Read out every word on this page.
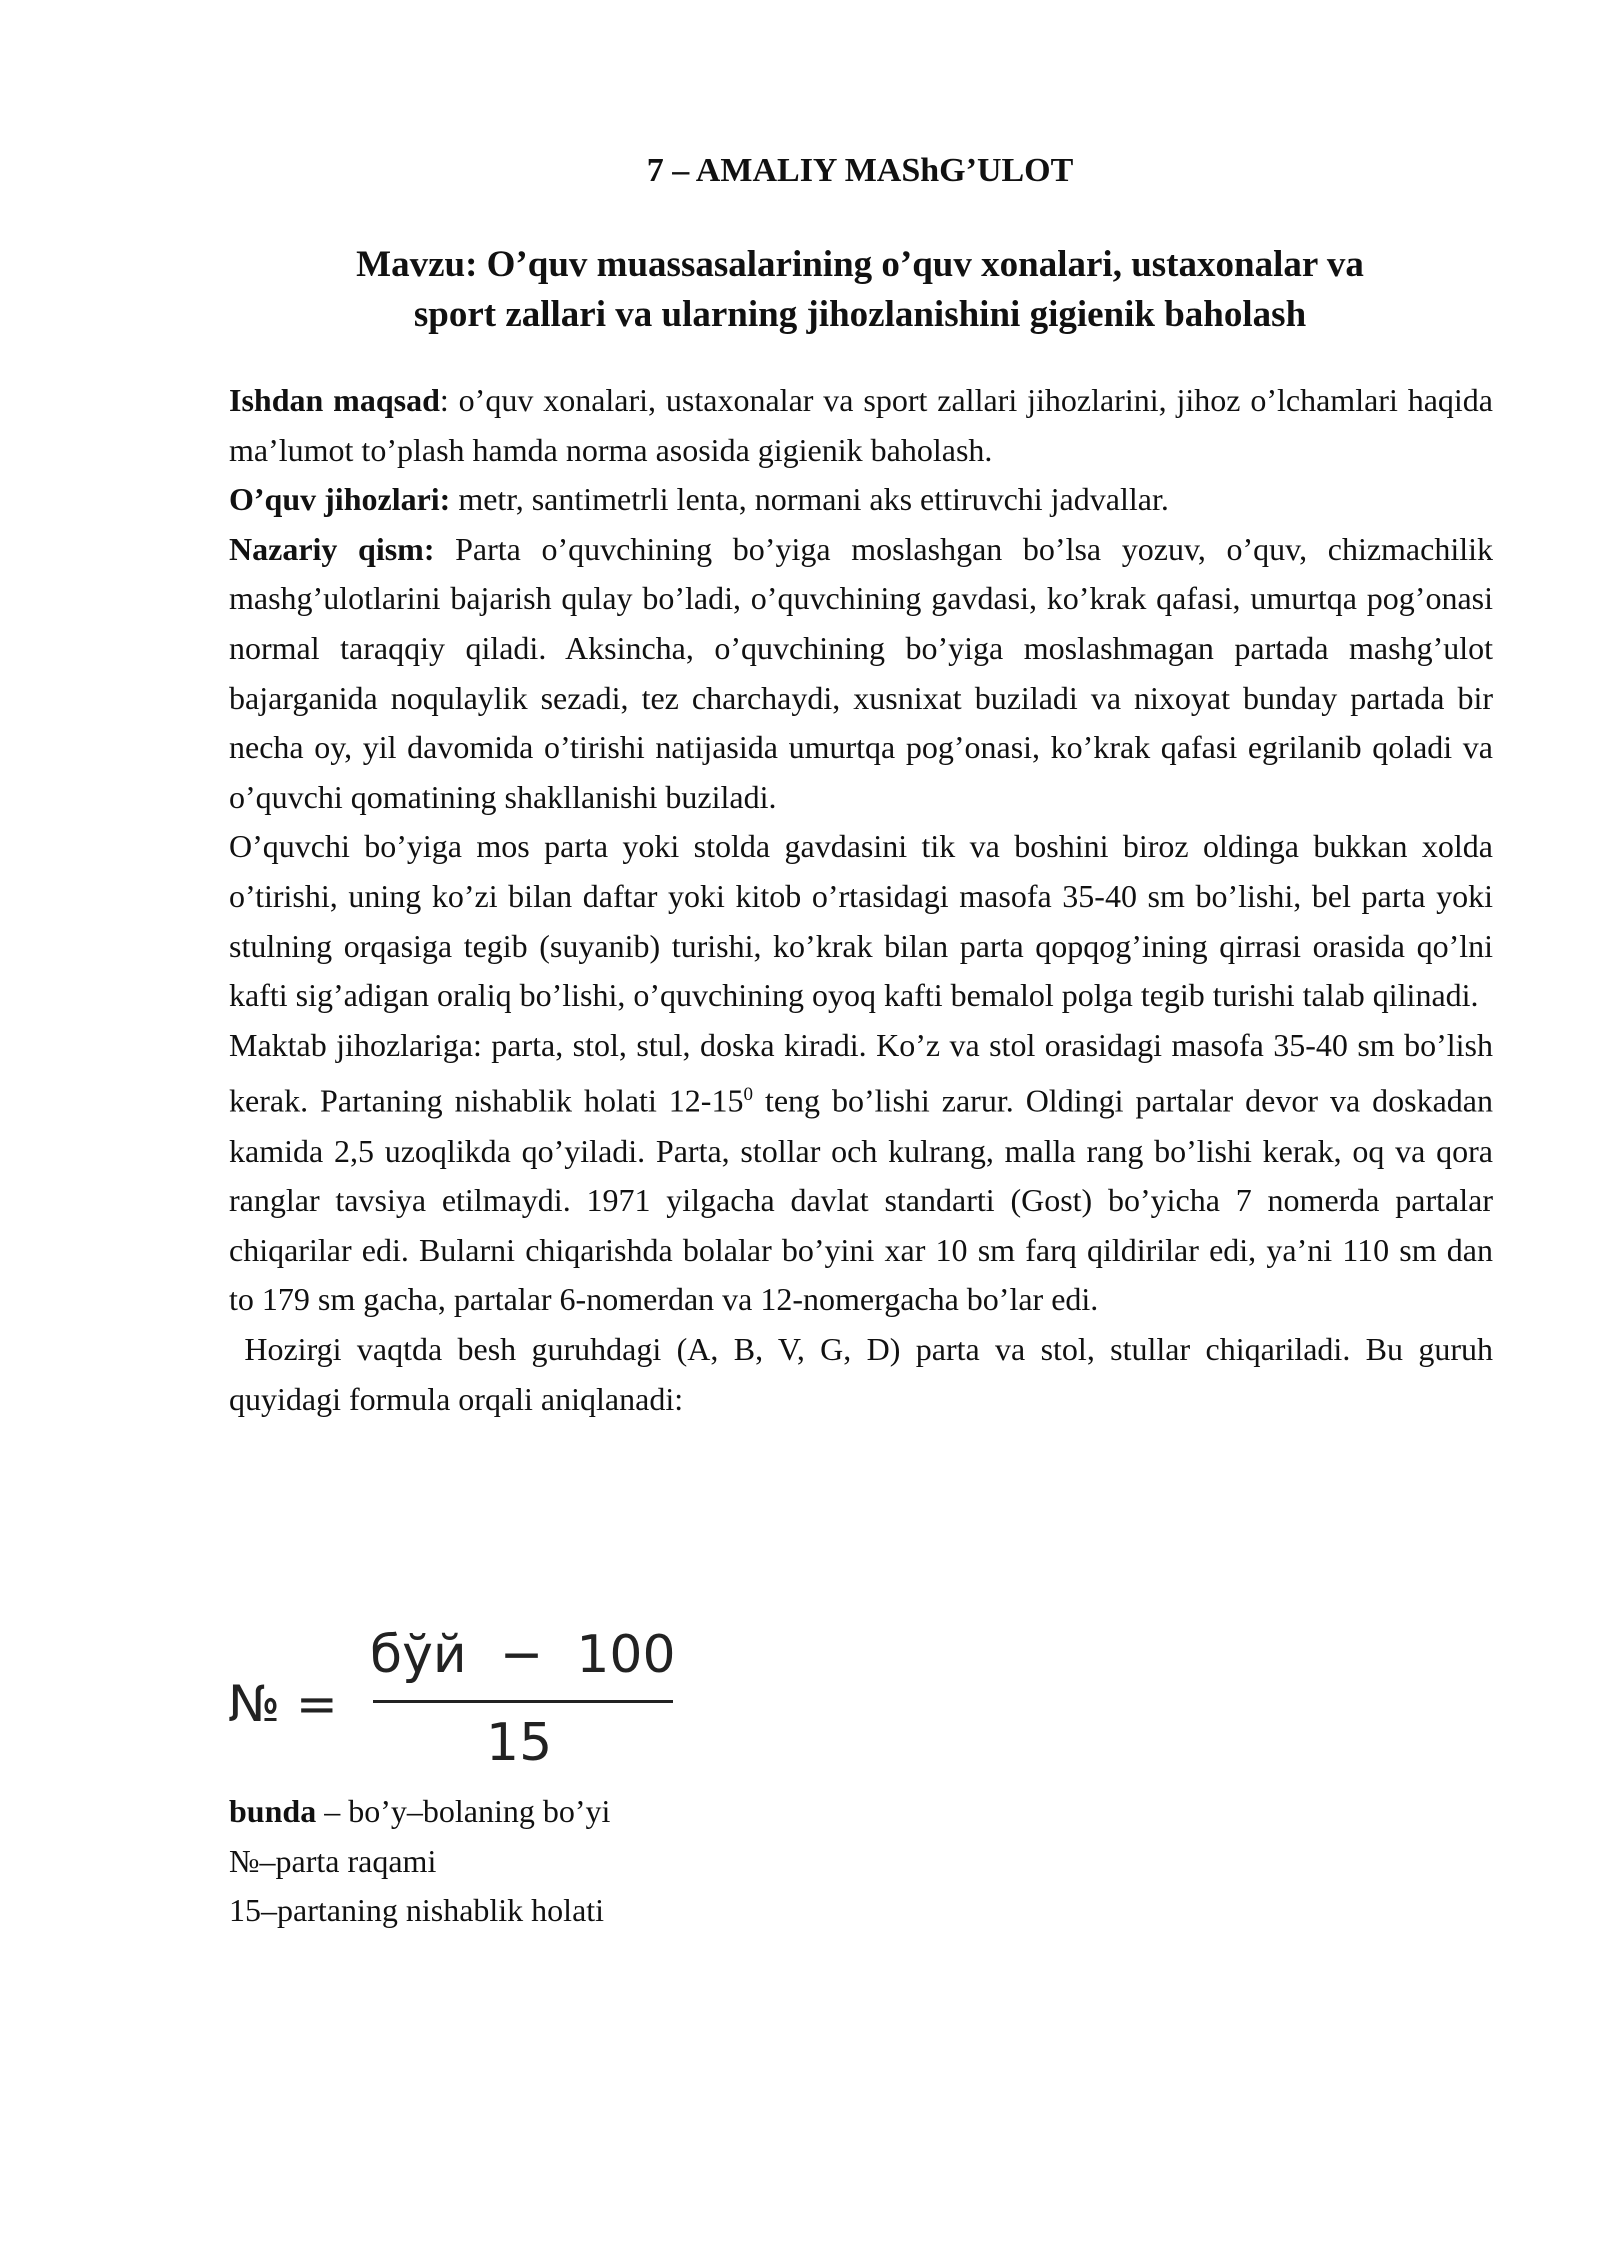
7 – AMALIY MAShG’ULOT
Mavzu: O’quv muassasalarining o’quv xonalari, ustaxonalar va
sport zallari va ularning jihozlanishini gigienik baholash

Ishdan maqsad: o’quv xonalari, ustaxonalar va sport zallari jihozlarini, jihoz o’lchamlari haqida ma’lumot to’plash hamda norma asosida gigienik baholash.

O’quv jihozlari: metr, santimetrli lenta, normani aks ettiruvchi jadvallar.

Nazariy qism: Parta o’quvchining bo’yiga moslashgan bo’lsa yozuv, o’quv, chizmachilik mashg’ulotlarini bajarish qulay bo’ladi, o’quvchining gavdasi, ko’krak qafasi, umurtqa pog’onasi normal taraqqiy qiladi. Aksincha, o’quvchining bo’yiga moslashmagan partada mashg’ulot bajarganida noqulaylik sezadi, tez charchaydi, xusnixat buziladi va nixoyat bunday partada bir necha oy, yil davomida o’tirishi natijasida umurtqa pog’onasi, ko’krak qafasi egrilanib qoladi va o’quvchi qomatining shakllanishi buziladi.

O’quvchi bo’yiga mos parta yoki stolda gavdasini tik va boshini biroz oldinga bukkan xolda o’tirishi, uning ko’zi bilan daftar yoki kitob o’rtasidagi masofa 35-40 sm bo’lishi, bel parta yoki stulning orqasiga tegib (suyanib) turishi, ko’krak bilan parta qopqog’ining qirrasi orasida qo’lni kafti sig’adigan oraliq bo’lishi, o’quvchining oyoq kafti bemalol polga tegib turishi talab qilinadi.

Maktab jihozlariga: parta, stol, stul, doska kiradi. Ko’z va stol orasidagi masofa 35-40 sm bo’lish kerak. Partaning nishablik holati $12-15^0$ teng bo’lishi zarur. Oldingi partalar devor va doskadan kamida 2,5 uzoqlikda qo’yiladi. Parta, stollar och kulrang, malla rang bo’lishi kerak, oq va qora ranglar tavsiya etilmaydi. 1971 yilgacha davlat standarti (Gost) bo’yicha 7 nomerda partalar chiqarilar edi. Bularni chiqarishda bolalar bo’yini xar 10 sm farq qildirilar edi, ya’ni 110 sm dan to 179 sm gacha, partalar 6-nomerdan va 12-nomergacha bo’lar edi.

Hozirgi vaqtda besh guruhdagi (A, B, V, G, D) parta va stol, stullar chiqariladi. Bu guruh quyidagi formula orqali aniqlanadi:

№ =
бўй  −  100
15
bunda – bo’y–bolaning bo’yi
№–parta raqami
15–partaning nishablik holati
